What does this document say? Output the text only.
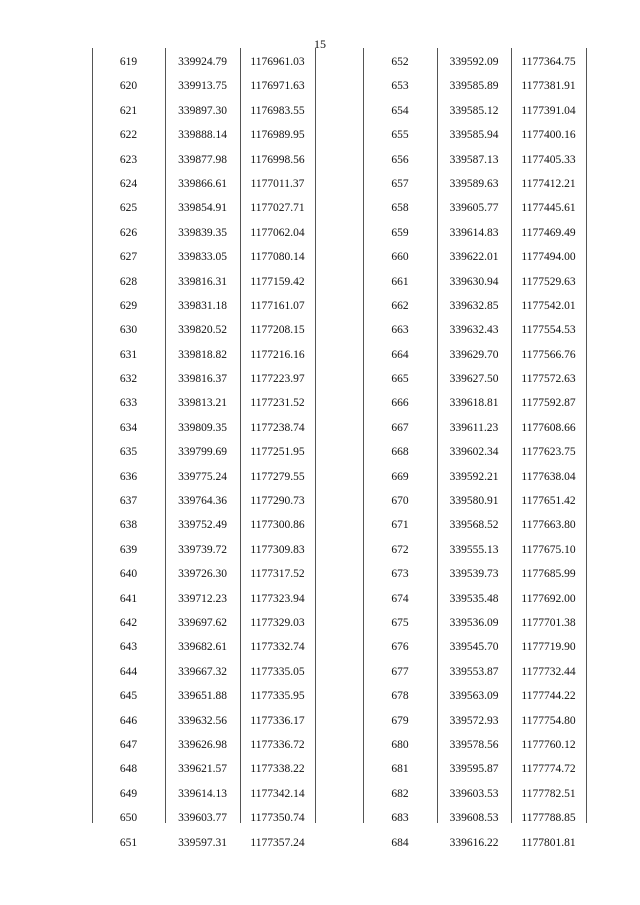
15
619	339924.79	1176961.03
620	339913.75	1176971.63
621	339897.30	1176983.55
622	339888.14	1176989.95
623	339877.98	1176998.56
624	339866.61	1177011.37
625	339854.91	1177027.71
626	339839.35	1177062.04
627	339833.05	1177080.14
628	339816.31	1177159.42
629	339831.18	1177161.07
630	339820.52	1177208.15
631	339818.82	1177216.16
632	339816.37	1177223.97
633	339813.21	1177231.52
634	339809.35	1177238.74
635	339799.69	1177251.95
636	339775.24	1177279.55
637	339764.36	1177290.73
638	339752.49	1177300.86
639	339739.72	1177309.83
640	339726.30	1177317.52
641	339712.23	1177323.94
642	339697.62	1177329.03
643	339682.61	1177332.74
644	339667.32	1177335.05
645	339651.88	1177335.95
646	339632.56	1177336.17
647	339626.98	1177336.72
648	339621.57	1177338.22
649	339614.13	1177342.14
650	339603.77	1177350.74
651	339597.31	1177357.24
652	339592.09	1177364.75
653	339585.89	1177381.91
654	339585.12	1177391.04
655	339585.94	1177400.16
656	339587.13	1177405.33
657	339589.63	1177412.21
658	339605.77	1177445.61
659	339614.83	1177469.49
660	339622.01	1177494.00
661	339630.94	1177529.63
662	339632.85	1177542.01
663	339632.43	1177554.53
664	339629.70	1177566.76
665	339627.50	1177572.63
666	339618.81	1177592.87
667	339611.23	1177608.66
668	339602.34	1177623.75
669	339592.21	1177638.04
670	339580.91	1177651.42
671	339568.52	1177663.80
672	339555.13	1177675.10
673	339539.73	1177685.99
674	339535.48	1177692.00
675	339536.09	1177701.38
676	339545.70	1177719.90
677	339553.87	1177732.44
678	339563.09	1177744.22
679	339572.93	1177754.80
680	339578.56	1177760.12
681	339595.87	1177774.72
682	339603.53	1177782.51
683	339608.53	1177788.85
684	339616.22	1177801.81
